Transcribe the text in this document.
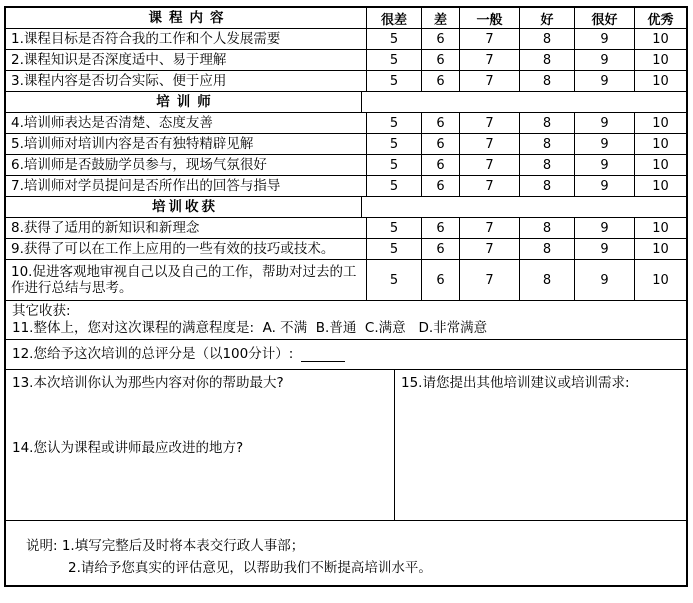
课程内容	很差	差	一般	好	很好	优秀
1.课程目标是否符合我的工作和个人发展需要	5	6	7	8	9	10
2.课程知识是否深度适中、易于理解	5	6	7	8	9	10
3.课程内容是否切合实际、便于应用	5	6	7	8	9	10
培训师
4.培训师表达是否清楚、态度友善	5	6	7	8	9	10
5.培训师对培训内容是否有独特精辟见解	5	6	7	8	9	10
6.培训师是否鼓励学员参与，现场气氛很好	5	6	7	8	9	10
7.培训师对学员提问是否所作出的回答与指导	5	6	7	8	9	10
培训收获
8.获得了适用的新知识和新理念	5	6	7	8	9	10
9.获得了可以在工作上应用的一些有效的技巧或技术。	5	6	7	8	9	10
10.促进客观地审视自己以及自己的工作，帮助对过去的工作进行总结与思考。	5	6	7	8	9	10
其它收获:
11.整体上，您对这次课程的满意程度是:  A. 不满  B.普通  C.满意   D.非常满意
12.您给予这次培训的总评分是（以100分计）:
13.本次培训你认为那些内容对你的帮助最大?
14.您认为课程或讲师最应改进的地方?
15.请您提出其他培训建议或培训需求:
说明: 1.填写完整后及时将本表交行政人事部；
2.请给予您真实的评估意见，以帮助我们不断提高培训水平。
